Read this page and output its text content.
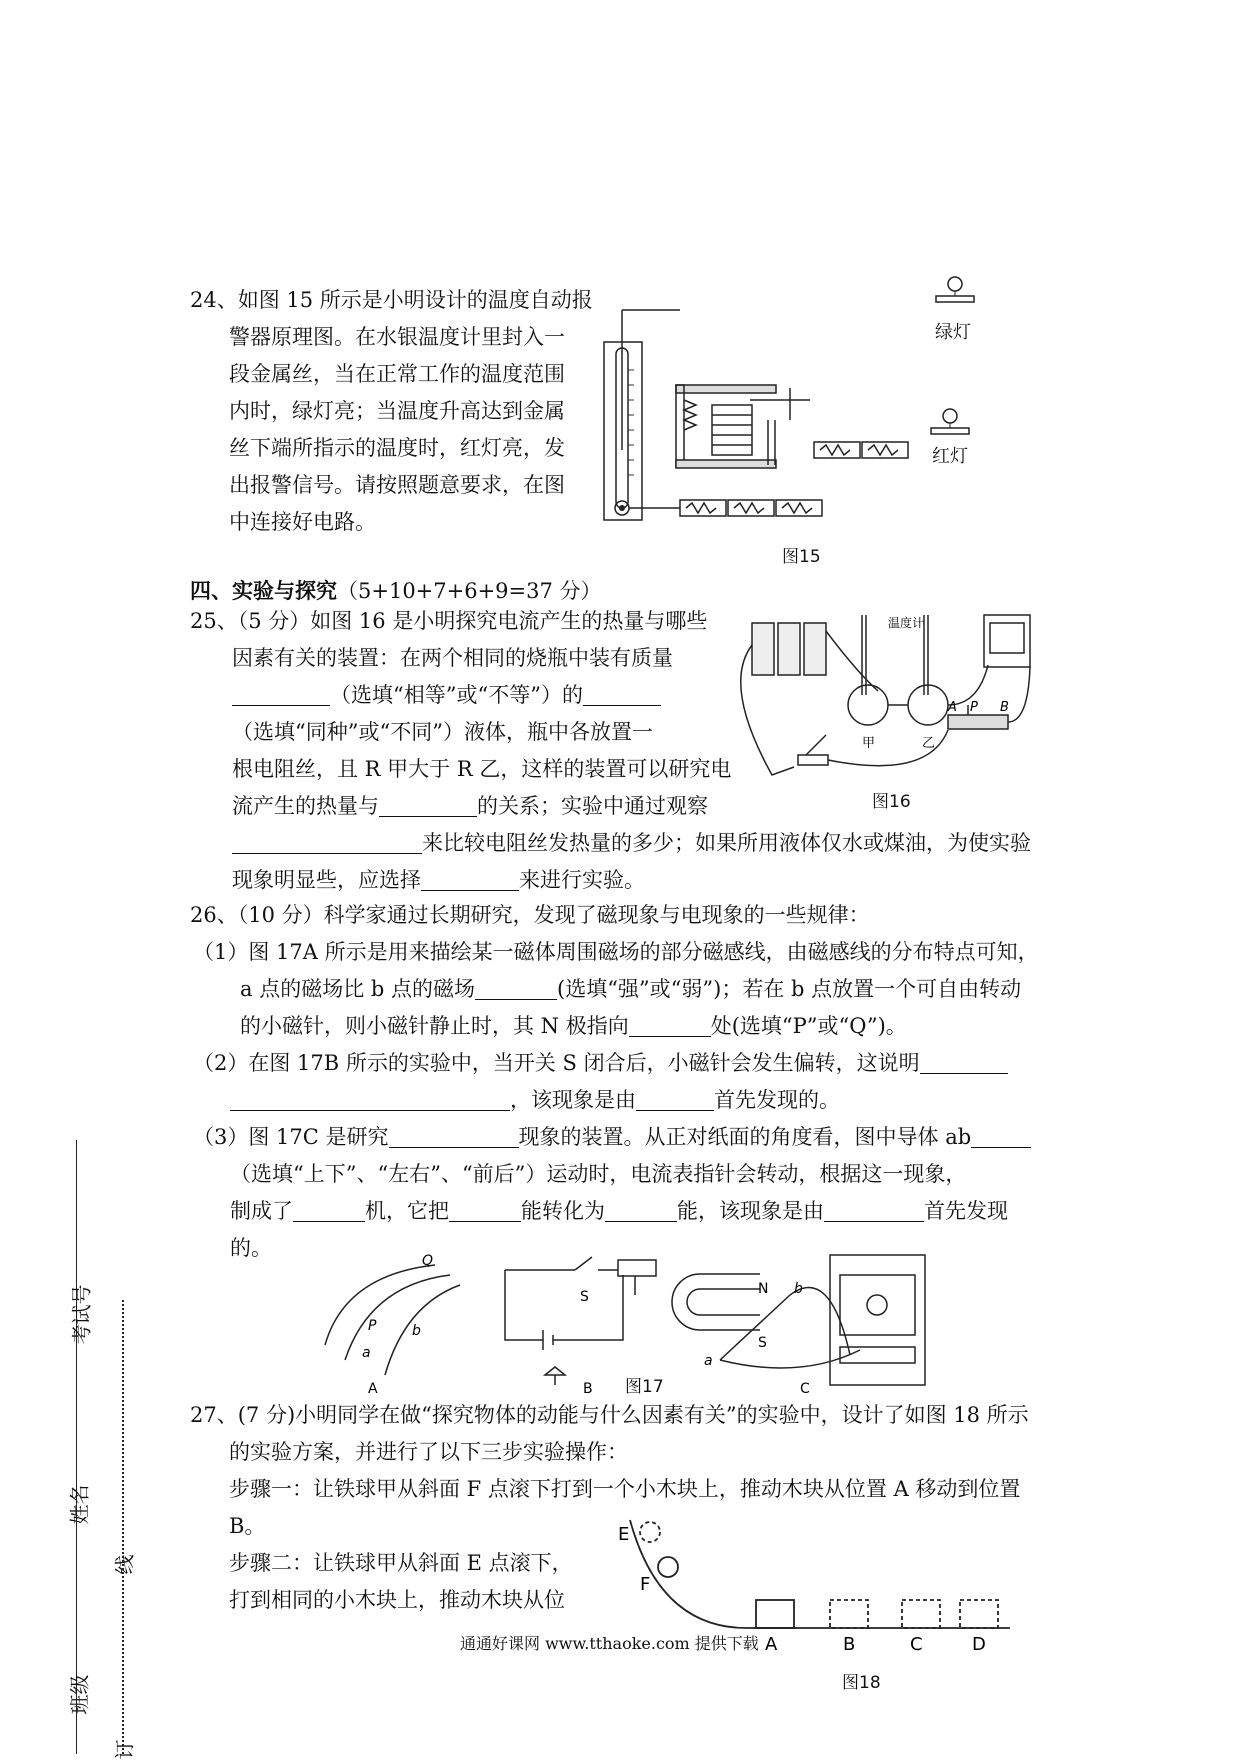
24、如图 15 所示是小明设计的温度自动报

警器原理图。在水银温度计里封入一

段金属丝，当在正常工作的温度范围

内时，绿灯亮；当温度升高达到金属

丝下端所指示的温度时，红灯亮，发

出报警信号。请按照题意要求，在图

中连接好电路。

绿灯
红灯
图15
四、实验与探究（5+10+7+6+9=37 分）

25、（5 分）如图 16 是小明探究电流产生的热量与哪些

因素有关的装置：在两个相同的烧瓶中装有质量

（选填“相等”或“不等”）的

（选填“同种”或“不同”）液体，瓶中各放置一

根电阻丝，且 R 甲大于 R 乙，这样的装置可以研究电

流产生的热量与	的关系；实验中通过观察

来比较电阻丝发热量的多少；如果所用液体仅水或煤油，为使实验

现象明显些，应选择	来进行实验。

温度计
甲	乙
A P B
图16

26、（10 分）科学家通过长期研究，发现了磁现象与电现象的一些规律：

（1）图 17A 所示是用来描绘某一磁体周围磁场的部分磁感线，由磁感线的分布特点可知，

a 点的磁场比 b 点的磁场	(选填“强”或“弱”)；若在 b 点放置一个可自由转动

的小磁针，则小磁针静止时，其 N 极指向	处(选填“P”或“Q”)。

（2）在图 17B 所示的实验中，当开关 S 闭合后，小磁针会发生偏转，这说明

，该现象是由	首先发现的。

（3）图 17C 是研究	现象的装置。从正对纸面的角度看，图中导体 ab

（选填“上下”、“左右”、“前后”）运动时，电流表指针会转动，根据这一现象，

制成了	机，它把	能转化为	能，该现象是由	首先发现

的。

Q
P
a
b
S	N
S
b
a
A	B	C
图17

27、(7 分)小明同学在做“探究物体的动能与什么因素有关”的实验中，设计了如图 18 所示

的实验方案，并进行了以下三步实验操作：

步骤一：让铁球甲从斜面 F 点滚下打到一个小木块上，推动木块从位置 A 移动到位置

B。

步骤二：让铁球甲从斜面 E 点滚下，

打到相同的小木块上，推动木块从位

E
F
A	B	C	D
图18
通通好课网 www.tthaoke.com 提供下载
考试号
姓名
班级
线
订
